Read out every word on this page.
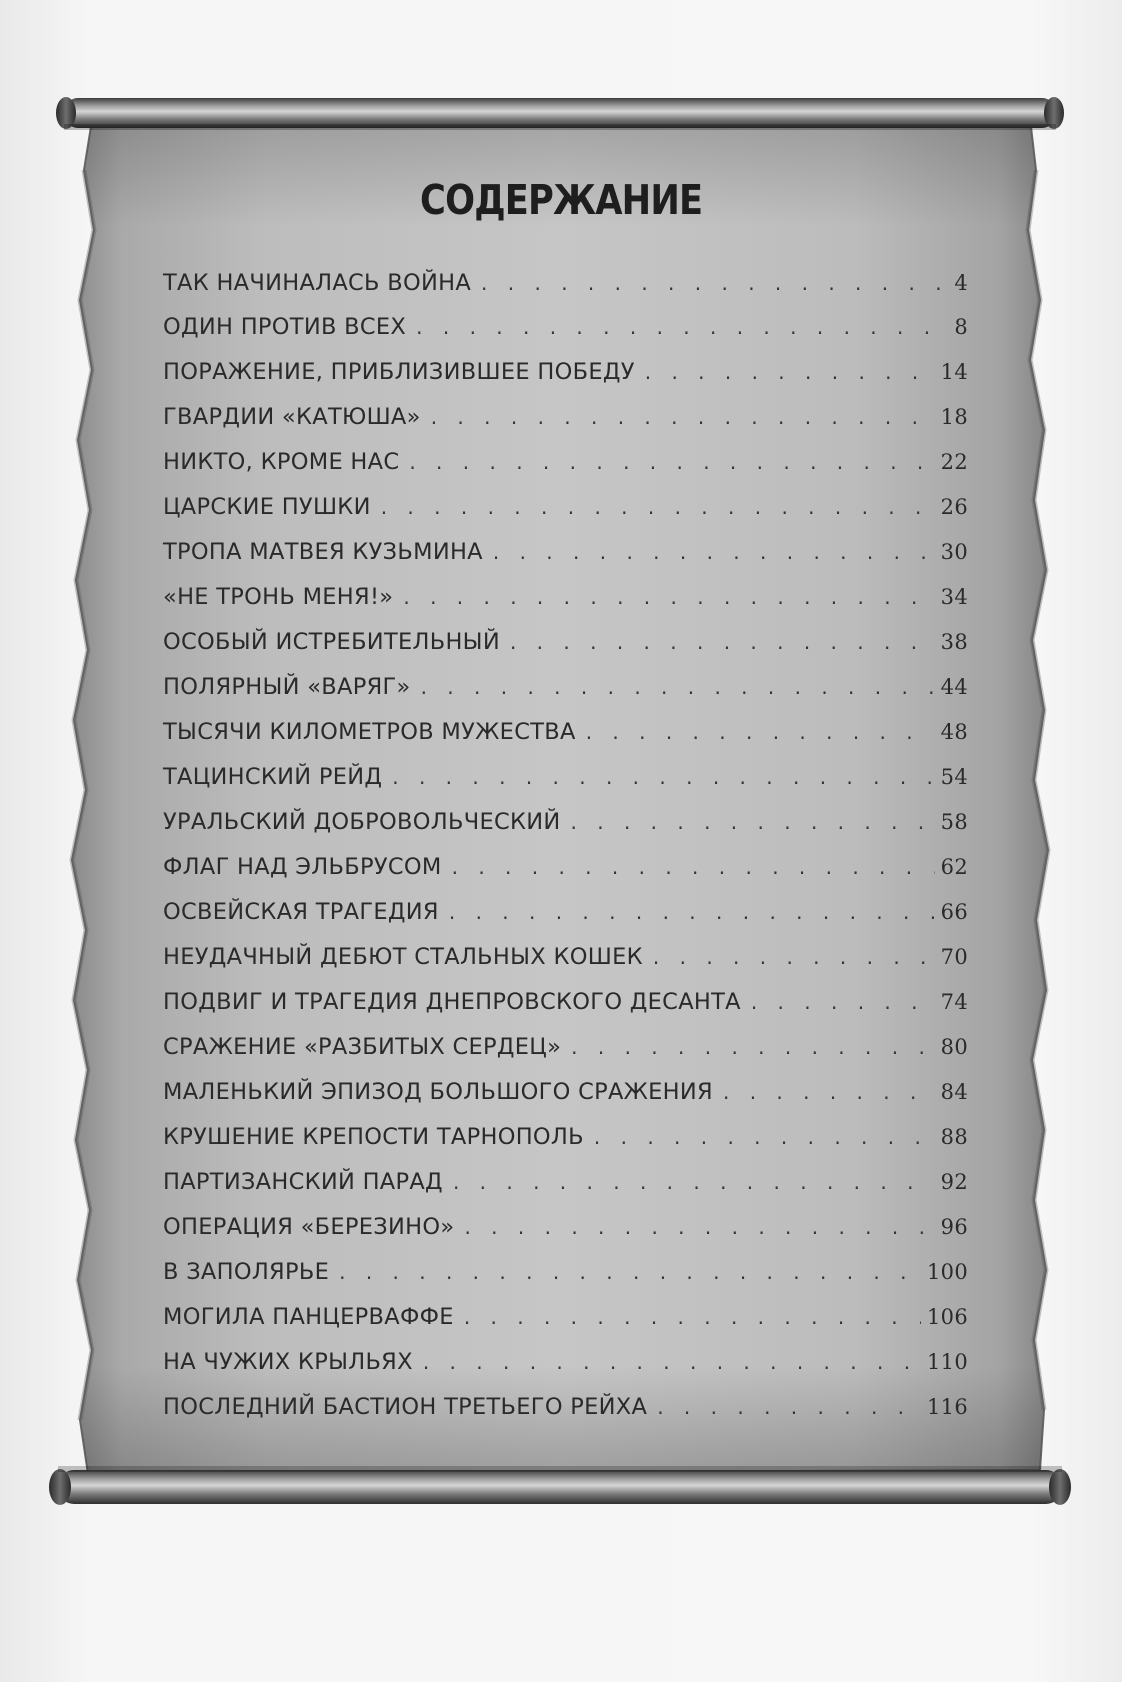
СОДЕРЖАНИЕ
ТАК НАЧИНАЛАСЬ ВОЙНА . . .	4
ОДИН ПРОТИВ ВСЕХ . . .	8
ПОРАЖЕНИЕ, ПРИБЛИЗИВШЕЕ ПОБЕДУ . . .	14
ГВАРДИИ «КАТЮША» . . .	18
НИКТО, КРОМЕ НАС . . .	22
ЦАРСКИЕ ПУШКИ . . .	26
ТРОПА МАТВЕЯ КУЗЬМИНА . . .	30
«НЕ ТРОНЬ МЕНЯ!» . . .	34
ОСОБЫЙ ИСТРЕБИТЕЛЬНЫЙ . . .	38
ПОЛЯРНЫЙ «ВАРЯГ» . . .	44
ТЫСЯЧИ КИЛОМЕТРОВ МУЖЕСТВА . . .	48
ТАЦИНСКИЙ РЕЙД . . .	54
УРАЛЬСКИЙ ДОБРОВОЛЬЧЕСКИЙ . . .	58
ФЛАГ НАД ЭЛЬБРУСОМ . . .	62
ОСВЕЙСКАЯ ТРАГЕДИЯ . . .	66
НЕУДАЧНЫЙ ДЕБЮТ СТАЛЬНЫХ КОШЕК . . .	70
ПОДВИГ И ТРАГЕДИЯ ДНЕПРОВСКОГО ДЕСАНТА . . .	74
СРАЖЕНИЕ «РАЗБИТЫХ СЕРДЕЦ» . . .	80
МАЛЕНЬКИЙ ЭПИЗОД БОЛЬШОГО СРАЖЕНИЯ . . .	84
КРУШЕНИЕ КРЕПОСТИ ТАРНОПОЛЬ . . .	88
ПАРТИЗАНСКИЙ ПАРАД . . .	92
ОПЕРАЦИЯ «БЕРЕЗИНО» . . .	96
В ЗАПОЛЯРЬЕ . . .	100
МОГИЛА ПАНЦЕРВАФФЕ . . .	106
НА ЧУЖИХ КРЫЛЬЯХ . . .	110
ПОСЛЕДНИЙ БАСТИОН ТРЕТЬЕГО РЕЙХА . . .	116
